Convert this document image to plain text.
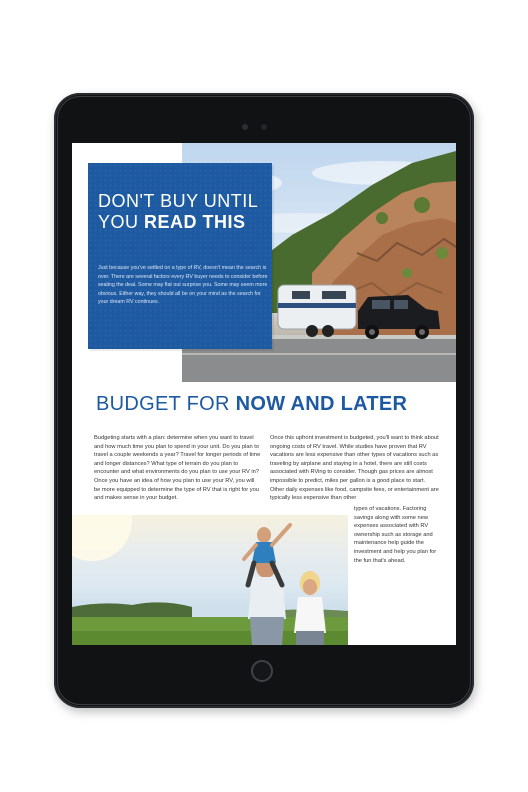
DON'T BUY UNTIL
YOU READ THIS
Just because you've settled on a type of RV, doesn't mean the search is over. There are several factors every RV buyer needs to consider before sealing the deal. Some may flat out surprise you. Some may seem more obvious. Either way, they should all be on your mind as the search for your dream RV continues.
BUDGET FOR NOW AND LATER
Budgeting starts with a plan: determine when you want to travel and how much time you plan to spend in your unit. Do you plan to travel a couple weekends a year? Travel for longer periods of time and longer distances? What type of terrain do you plan to encounter and what environments do you plan to use your RV in? Once you have an idea of how you plan to use your RV, you will be more equipped to determine the type of RV that is right for you and makes sense in your budget.
Once this upfront investment is budgeted, you'll want to think about ongoing costs of RV travel. While studies have proven that RV vacations are less expensive than other types of vacations such as traveling by airplane and staying in a hotel, there are still costs associated with RVing to consider. Though gas prices are almost impossible to predict, miles per gallon is a good place to start. Other daily expenses like food, campsite fees, or entertainment are typically less expensive than other
types of vacations. Factoring savings along with some new expenses associated with RV ownership such as storage and maintenance help guide the investment and help you plan for the fun that's ahead.
